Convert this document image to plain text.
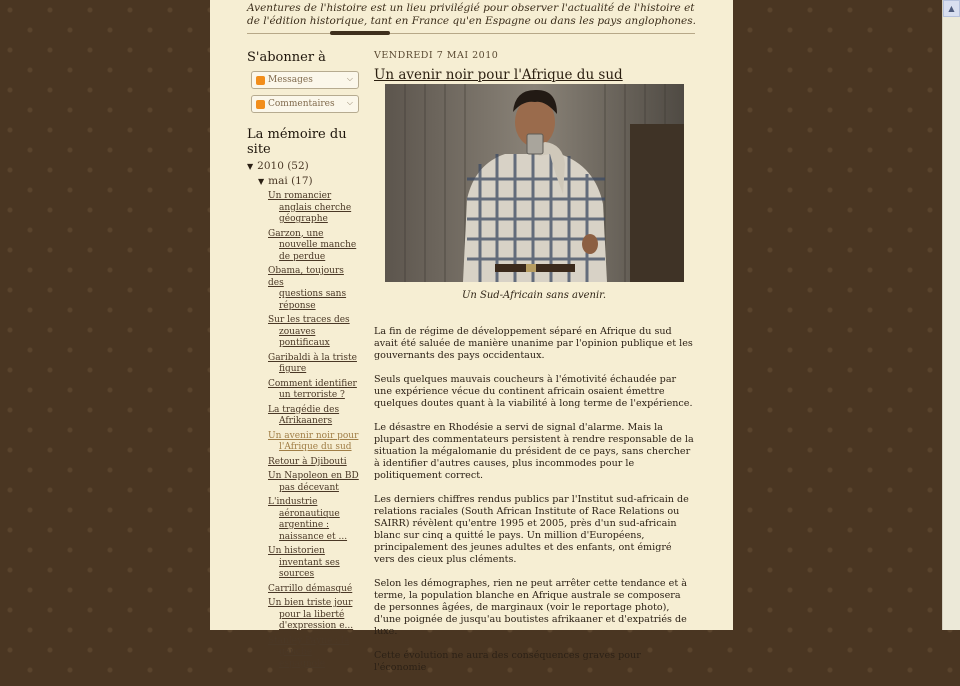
Aventures de l'histoire est un lieu privilégié pour observer l'actualité de l'histoire et de l'édition historique, tant en France qu'en Espagne ou dans les pays anglophones.
S'abonner à
Messages	⌵
Commentaires ⌵
La mémoire du site
▼ 2010 (52)
▼ mai (17)
Un romancier
anglais cherche géographe
Garzon, une
nouvelle manche de perdue
Obama, toujours des
questions sans réponse
Sur les traces des
zouaves pontificaux
Garibaldi à la triste
figure
Comment identifier
un terroriste ?
La tragédie des
Afrikaaners
Un avenir noir pour
l'Afrique du sud
Retour à Djibouti
Un Napoleon en BD
pas décevant
L'industrie
aéronautique argentine : naissance et ...
Un historien
inventant ses sources
Carrillo démasqué
Un bien triste jour
pour la liberté d'expression e...
Stanley Payne : la
gauche espagnole
VENDREDI 7 MAI 2010
Un avenir noir pour l'Afrique du sud
Un Sud-Africain sans avenir.

La fin de régime de développement séparé en Afrique du sud avait été saluée de manière unanime par l'opinion publique et les gouvernants des pays occidentaux.

Seuls quelques mauvais coucheurs à l'émotivité échaudée par une expérience vécue du continent africain osaient émettre quelques doutes quant à la viabilité à long terme de l'expérience.

Le désastre en Rhodésie a servi de signal d'alarme. Mais la plupart des commentateurs persistent à rendre responsable de la situation la mégalomanie du président de ce pays, sans chercher à identifier d'autres causes, plus incommodes pour le politiquement correct.

Les derniers chiffres rendus publics par l'Institut sud-africain de relations raciales (South African Institute of Race Relations ou SAIRR) révèlent qu'entre 1995 et 2005, près d'un sud-africain blanc sur cinq a quitté le pays. Un million d'Européens, principalement des jeunes adultes et des enfants, ont émigré vers des cieux plus cléments.

Selon les démographes, rien ne peut arrêter cette tendance et à terme, la population blanche en Afrique australe se composera de personnes âgées, de marginaux (voir le reportage photo), d'une poignée de jusqu'au boutistes afrikaaner et d'expatriés de luxe.

Cette évolution ne aura des conséquences graves pour l'économie

▲
